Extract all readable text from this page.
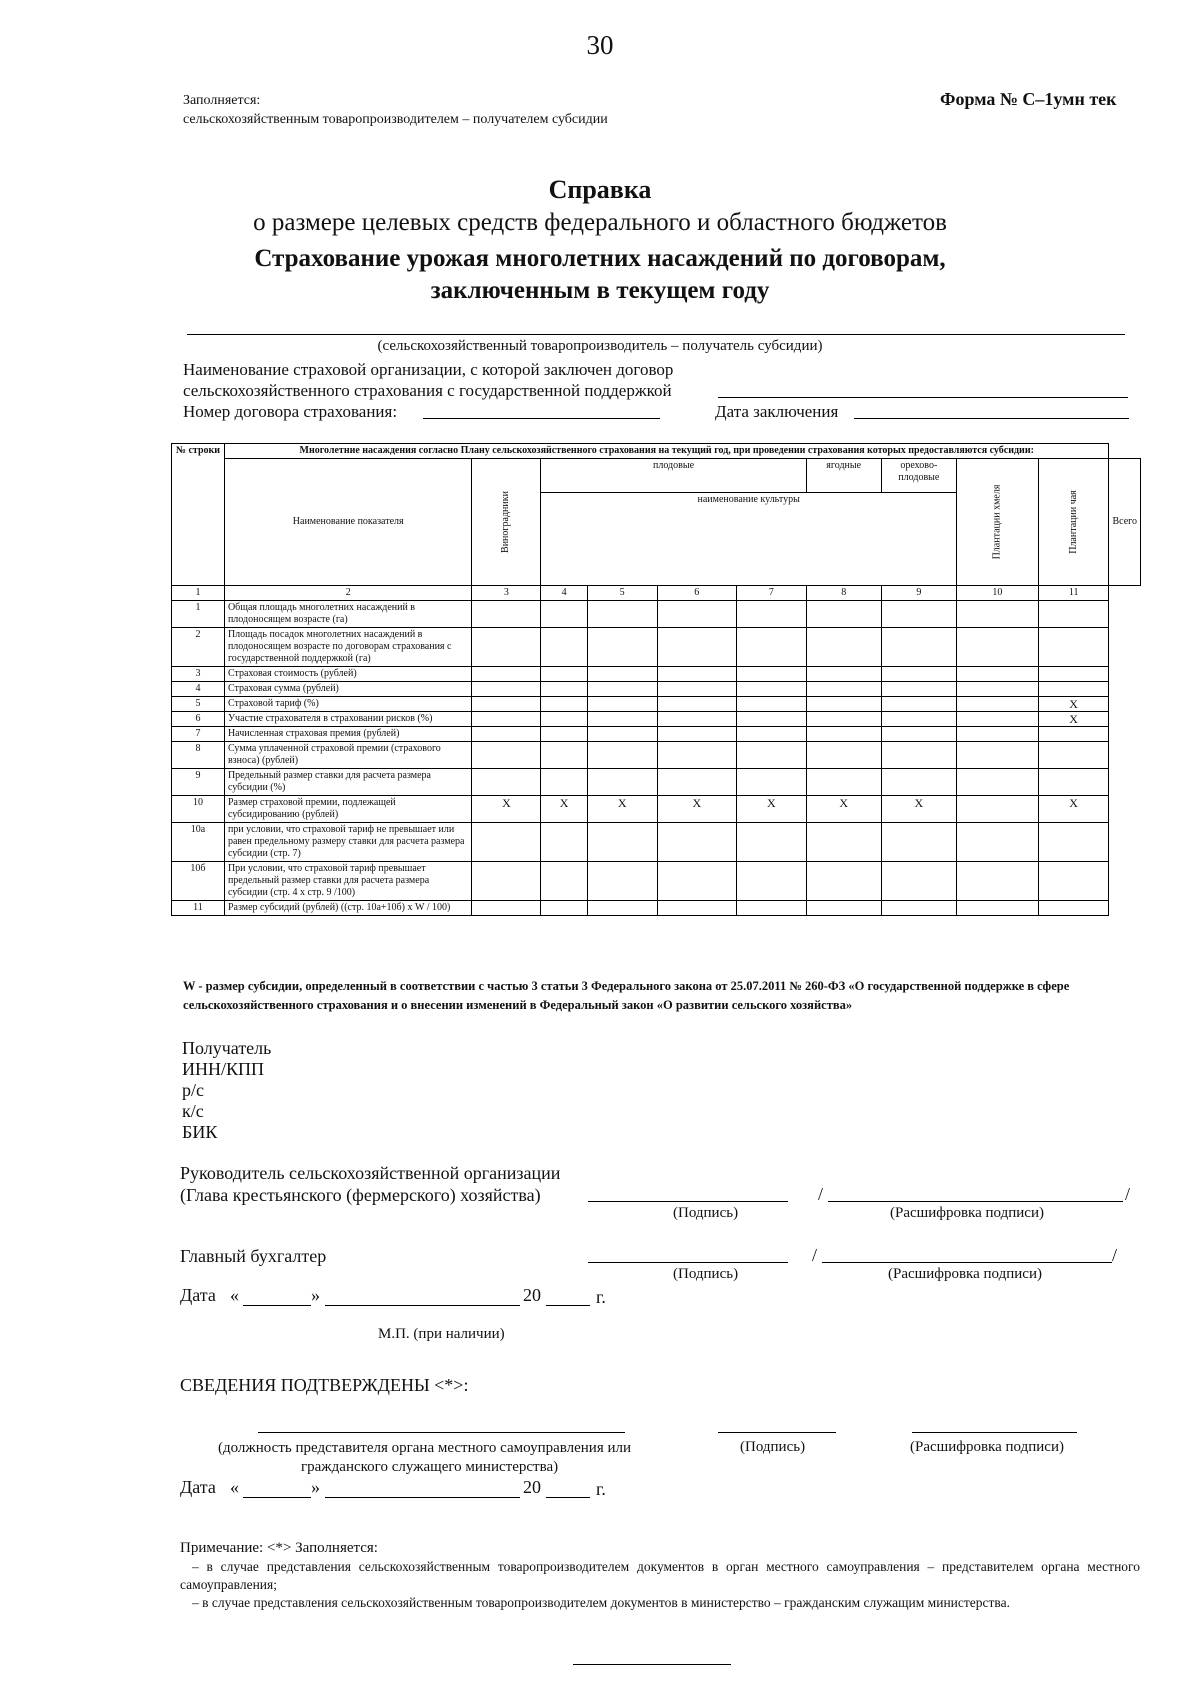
30
Заполняется:
сельскохозяйственным товаропроизводителем – получателем субсидии
Форма № С–1умн тек
Справка
о размере целевых средств федерального и областного бюджетов
Страхование урожая многолетних насаждений по договорам,
заключенным в текущем году
(сельскохозяйственный товаропроизводитель – получатель субсидии)
Наименование страховой организации, с которой заключен договор
сельскохозяйственного страхования с государственной поддержкой
Номер договора страхования:	Дата заключения
№ строки	Многолетние насаждения согласно Плану сельскохозяйственного страхования на текущий год, при проведении страхования которых предоставляются субсидии:										
	Наименование показателя	Виноградники	плодовые				ягодные	орехово-плодовые	Плантации хмеля	Плантации чая	Всего
			наименование культуры								
1	2	3	4	5	6	7	8	9	10	11	
1	Общая площадь многолетних насаждений в плодоносящем возрасте (га)										
2	Площадь посадок многолетних насаждений в плодоносящем возрасте по договорам страхования с государственной поддержкой (га)										
3	Страховая стоимость (рублей)										
4	Страховая сумма (рублей)										
5	Страховой тариф (%)									X	
6	Участие страхователя в страховании рисков (%)									X	
7	Начисленная страховая премия (рублей)										
8	Сумма уплаченной страховой премии (страхового взноса) (рублей)										
9	Предельный размер ставки для расчета размера субсидии (%)										
10	Размер страховой премии, подлежащей субсидированию (рублей)	X	X	X	X	X	X	X		X	
10а	при условии, что страховой тариф не превышает или равен предельному размеру ставки для расчета размера субсидии (стр. 7)										
10б	При условии, что страховой тариф превышает предельный размер ставки для расчета размера субсидии (стр. 4 х стр. 9 /100)										
11	Размер субсидий (рублей) ((стр. 10а+10б) х W / 100)										
W - размер субсидии, определенный в соответствии с частью 3 статьи 3 Федерального закона от 25.07.2011 № 260-ФЗ «О государственной поддержке в сфере сельскохозяйственного страхования и о внесении изменений в Федеральный закон «О развитии сельского хозяйства»
Получатель
ИНН/КПП
р/с
к/с
БИК
Руководитель сельскохозяйственной организации
(Глава крестьянского (фермерского) хозяйства)	/	/
(Подпись)	(Расшифровка подписи)
Главный бухгалтер	/	/
(Подпись)	(Расшифровка подписи)
Дата «	»	20	г.
М.П. (при наличии)
СВЕДЕНИЯ ПОДТВЕРЖДЕНЫ <*>:
(должность представителя органа местного самоуправления или
гражданского служащего министерства)
(Подпись)	(Расшифровка подписи)
Дата «	»	20	г.
Примечание: <*> Заполняется:
– в случае представления сельскохозяйственным товаропроизводителем документов в орган местного самоуправления – представителем органа местного самоуправления;
– в случае представления сельскохозяйственным товаропроизводителем документов в министерство – гражданским служащим министерства.
